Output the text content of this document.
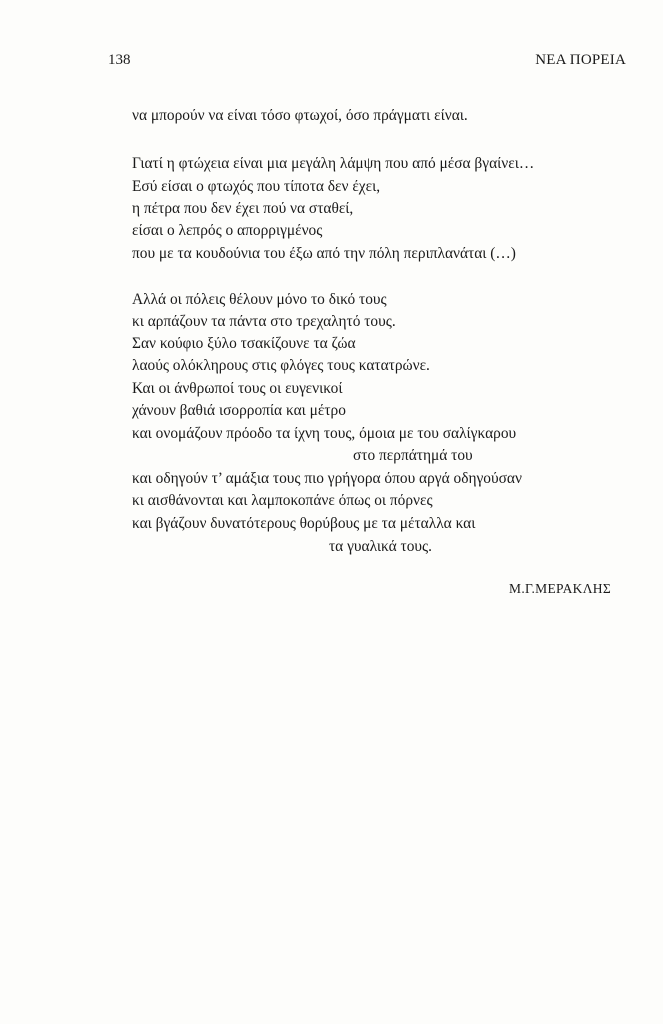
138	ΝΕΑ ΠΟΡΕΙΑ
να μπορούν να είναι τόσο φτωχοί, όσο πράγματι είναι.
Γιατί η φτώχεια είναι μια μεγάλη λάμψη που από μέσα βγαίνει…
Εσύ είσαι ο φτωχός που τίποτα δεν έχει,
η πέτρα που δεν έχει πού να σταθεί,
είσαι ο λεπρός ο απορριγμένος
που με τα κουδούνια του έξω από την πόλη περιπλανάται (…)
Αλλά οι πόλεις θέλουν μόνο το δικό τους
κι αρπάζουν τα πάντα στο τρεχαλητό τους.
Σαν κούφιο ξύλο τσακίζουνε τα ζώα
λαούς ολόκληρους στις φλόγες τους κατατρώνε.
Και οι άνθρωποί τους οι ευγενικοί
χάνουν βαθιά ισορροπία και μέτρο
και ονομάζουν πρόοδο τα ίχνη τους, όμοια με του σαλίγκαρου
στο περπάτημά του
και οδηγούν τ’ αμάξια τους πιο γρήγορα όπου αργά οδηγούσαν
κι αισθάνονται και λαμποκοπάνε όπως οι πόρνες
και βγάζουν δυνατότερους θορύβους με τα μέταλλα και
τα γυαλικά τους.
Μ.Γ.ΜΕΡΑΚΛΗΣ
